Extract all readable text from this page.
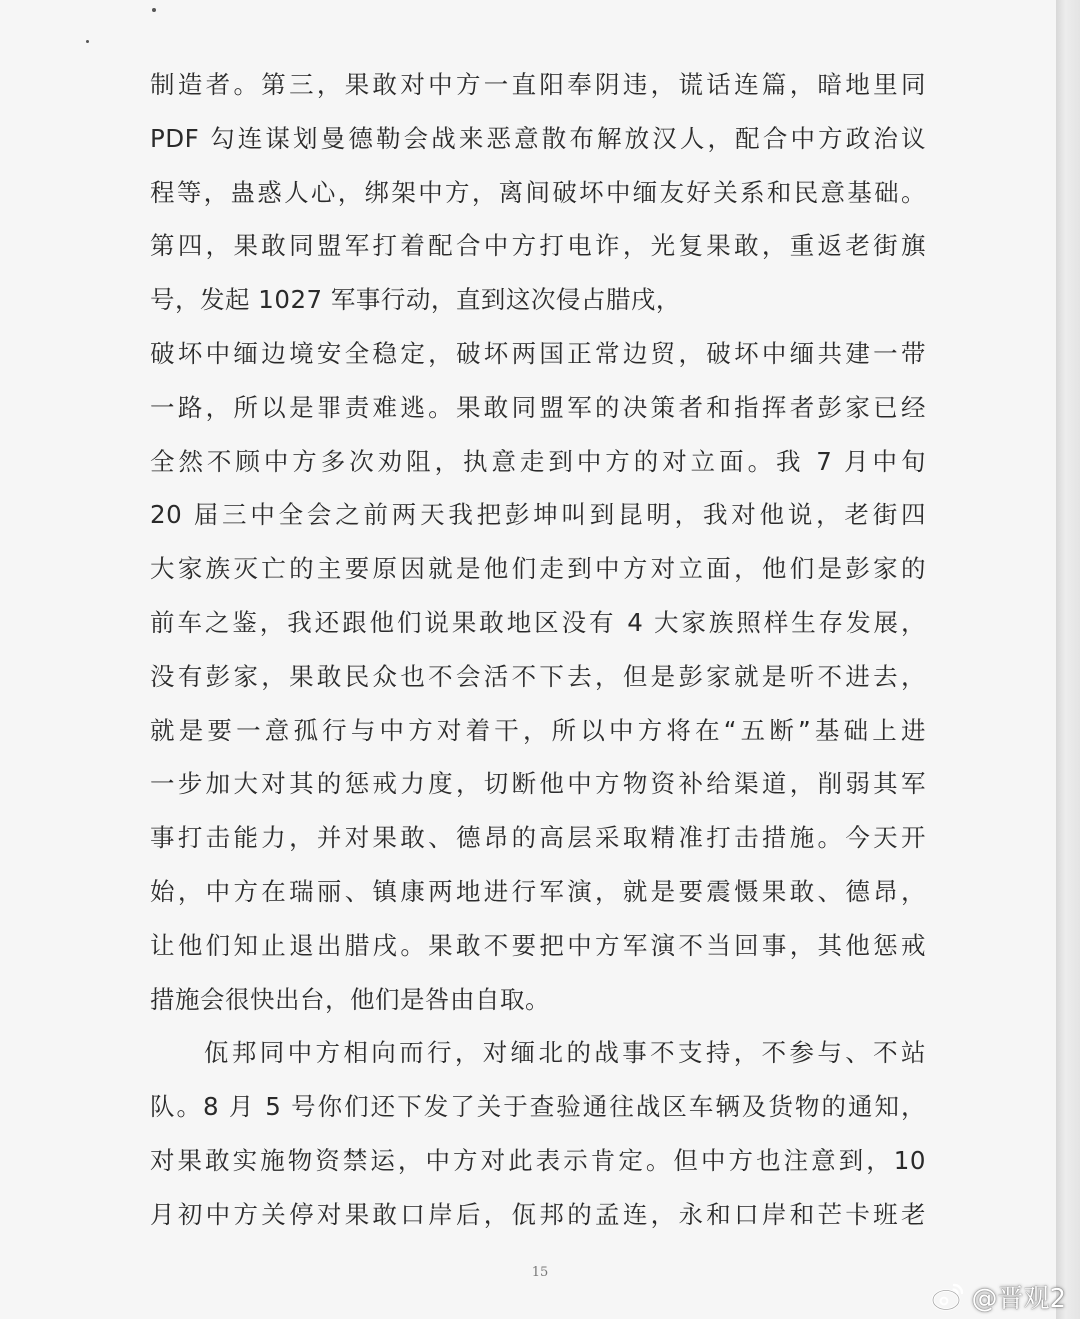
制造者。第三，果敢对中方一直阳奉阴违，谎话连篇，暗地里同
PDF 勾连谋划曼德勒会战来恶意散布解放汉人，配合中方政治议
程等，蛊惑人心，绑架中方，离间破坏中缅友好关系和民意基础。
第四，果敢同盟军打着配合中方打电诈，光复果敢，重返老街旗
号，发起 1027 军事行动，直到这次侵占腊戌，
破坏中缅边境安全稳定，破坏两国正常边贸，破坏中缅共建一带
一路，所以是罪责难逃。果敢同盟军的决策者和指挥者彭家已经
全然不顾中方多次劝阻，执意走到中方的对立面。我 7 月中旬
20 届三中全会之前两天我把彭坤叫到昆明，我对他说，老街四
大家族灭亡的主要原因就是他们走到中方对立面，他们是彭家的
前车之鉴，我还跟他们说果敢地区没有 4 大家族照样生存发展，
没有彭家，果敢民众也不会活不下去，但是彭家就是听不进去，
就是要一意孤行与中方对着干，所以中方将在“五断”基础上进
一步加大对其的惩戒力度，切断他中方物资补给渠道，削弱其军
事打击能力，并对果敢、德昂的高层采取精准打击措施。今天开
始，中方在瑞丽、镇康两地进行军演，就是要震慑果敢、德昂，
让他们知止退出腊戌。果敢不要把中方军演不当回事，其他惩戒
措施会很快出台，他们是咎由自取。
佤邦同中方相向而行，对缅北的战事不支持，不参与、不站
队。8 月 5 号你们还下发了关于查验通往战区车辆及货物的通知，
对果敢实施物资禁运，中方对此表示肯定。但中方也注意到，10
月初中方关停对果敢口岸后，佤邦的孟连，永和口岸和芒卡班老
15
@晋观2
